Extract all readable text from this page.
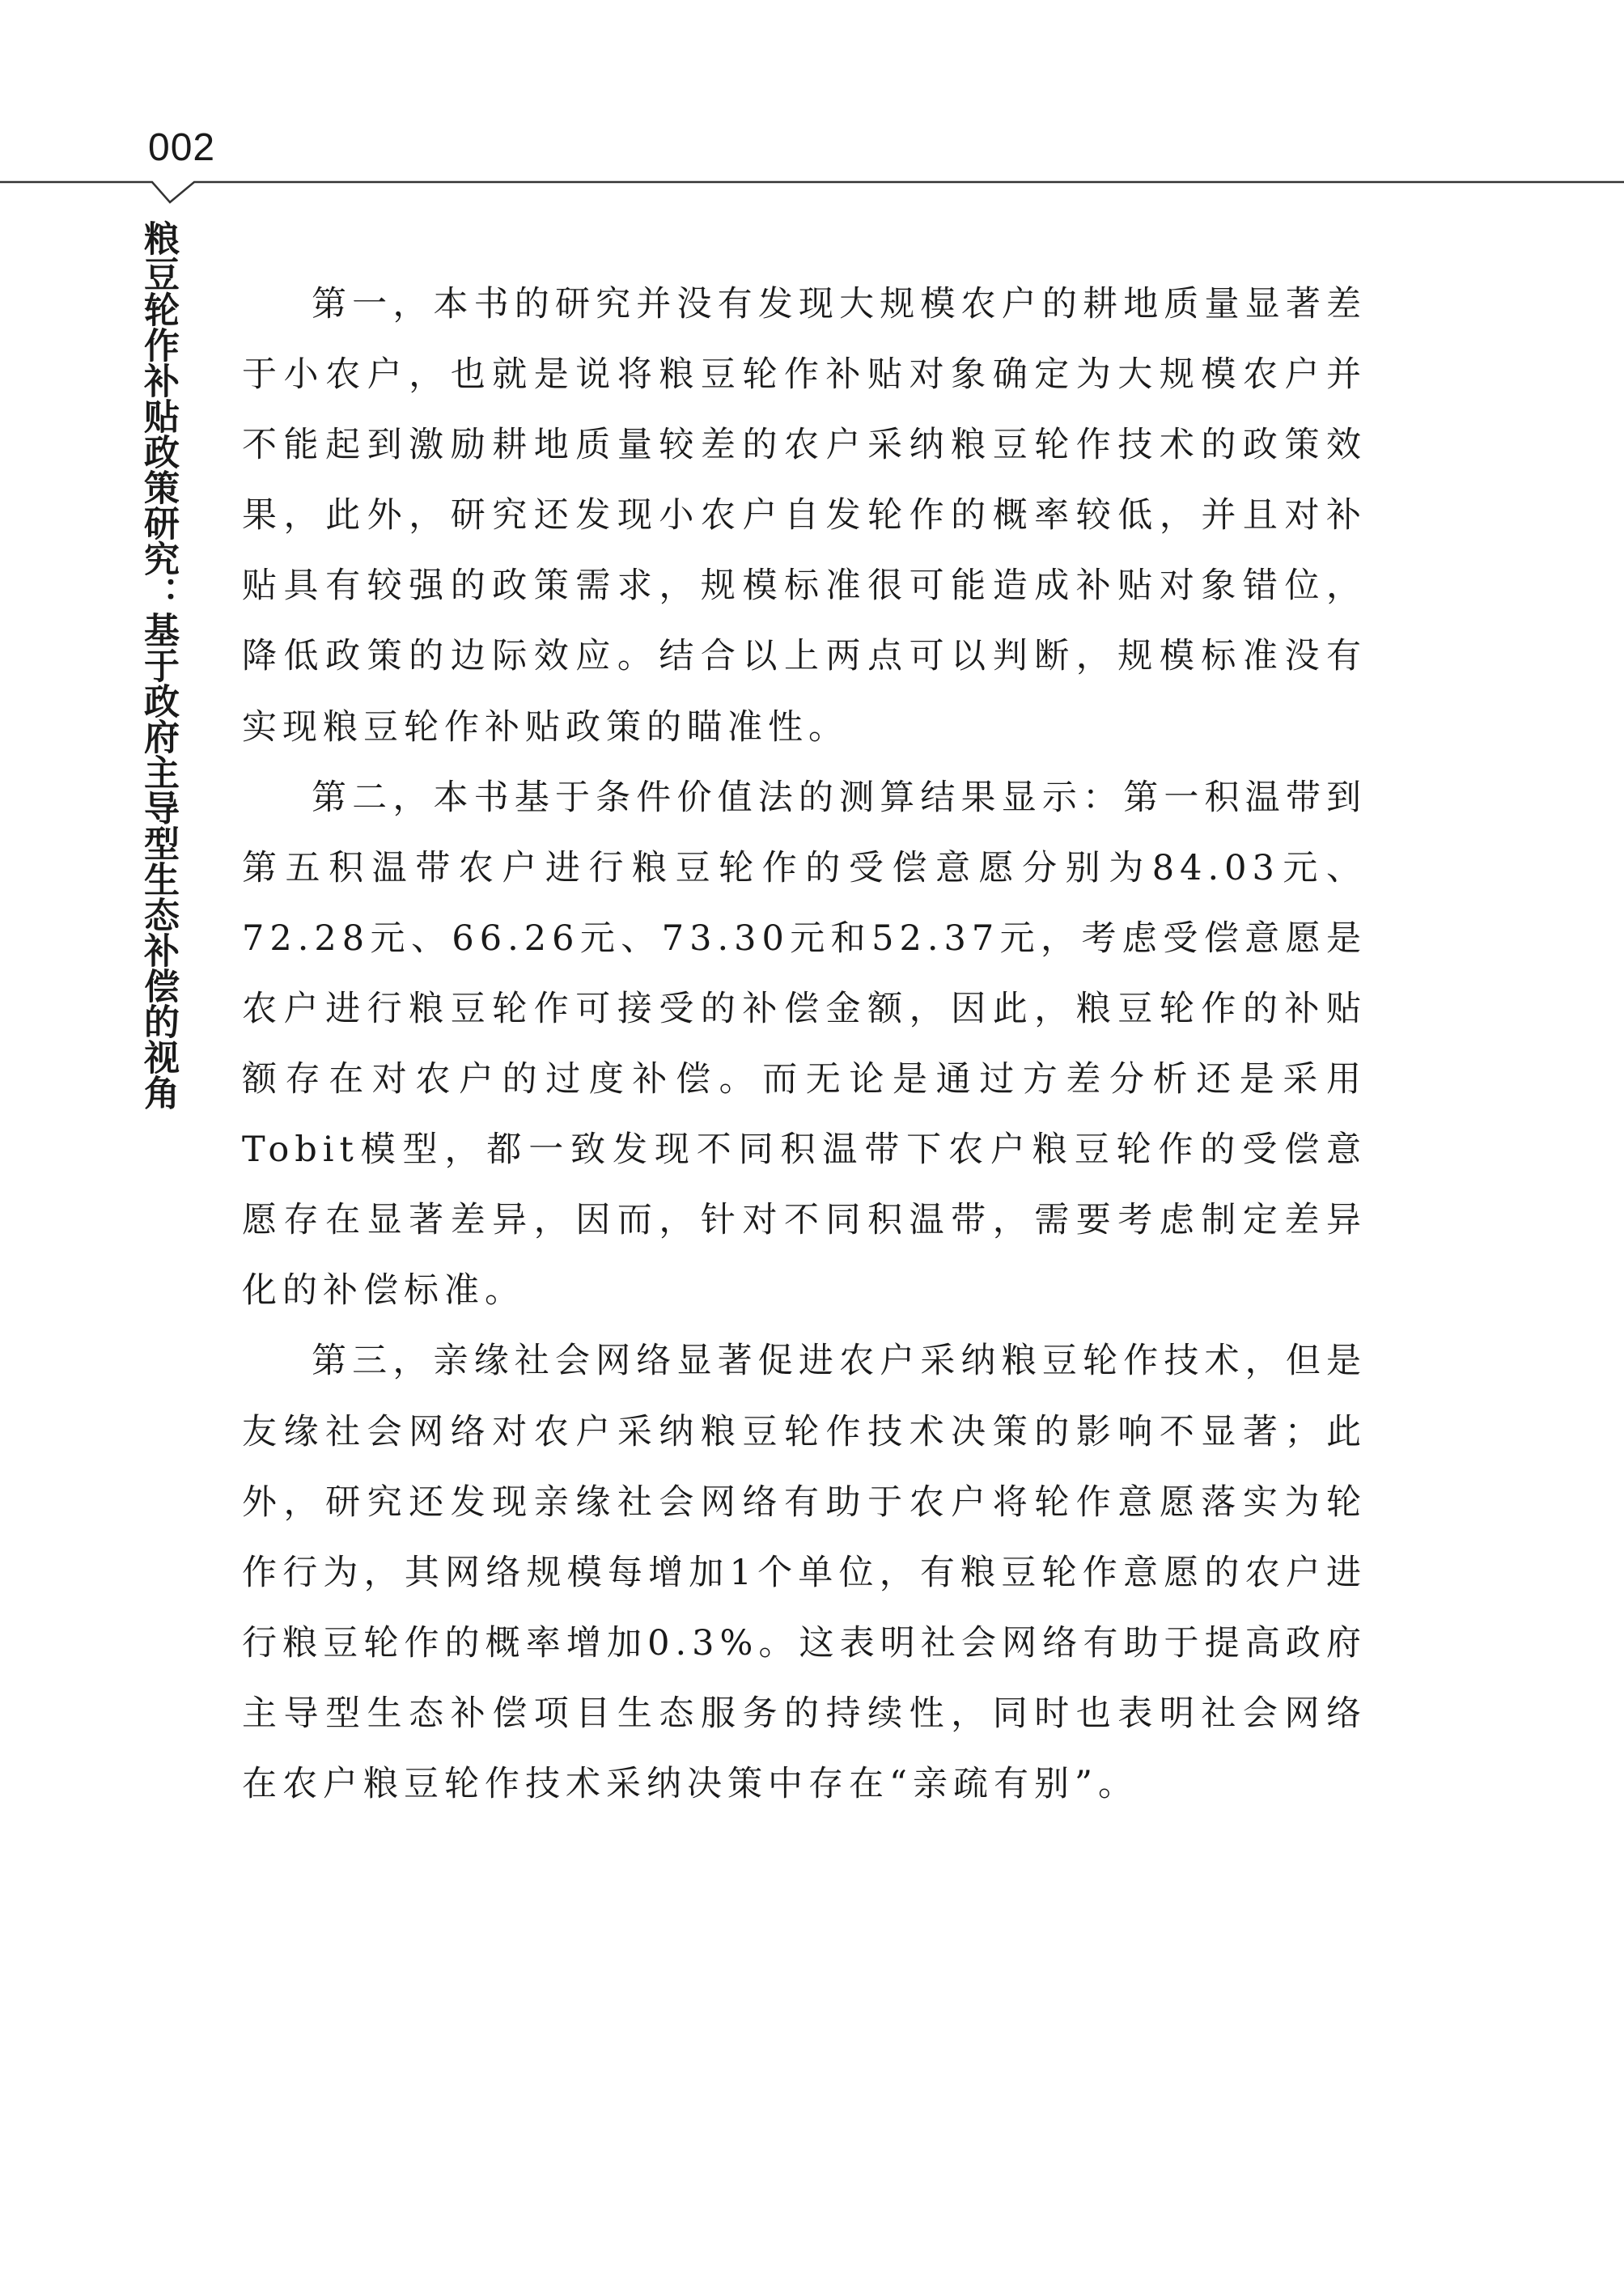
002
粮豆轮作补贴政策研究：基于政府主导型生态补偿的视角	第一，本书的研究并没有发现大规模农户的耕地质量显著差于小农户，也就是说将粮豆轮作补贴对象确定为大规模农户并不能起到激励耕地质量较差的农户采纳粮豆轮作技术的政策效果，此外，研究还发现小农户自发轮作的概率较低，并且对补贴具有较强的政策需求，规模标准很可能造成补贴对象错位，降低政策的边际效应。结合以上两点可以判断，规模标准没有实现粮豆轮作补贴政策的瞄准性。

第二，本书基于条件价值法的测算结果显示：第一积温带到第五积温带农户进行粮豆轮作的受偿意愿分别为84.03元、72.28元、66.26元、73.30元和52.37元，考虑受偿意愿是农户进行粮豆轮作可接受的补偿金额，因此，粮豆轮作的补贴额存在对农户的过度补偿。而无论是通过方差分析还是采用Tobit模型，都一致发现不同积温带下农户粮豆轮作的受偿意愿存在显著差异，因而，针对不同积温带，需要考虑制定差异化的补偿标准。

第三，亲缘社会网络显著促进农户采纳粮豆轮作技术，但是友缘社会网络对农户采纳粮豆轮作技术决策的影响不显著；此外，研究还发现亲缘社会网络有助于农户将轮作意愿落实为轮作行为，其网络规模每增加1个单位，有粮豆轮作意愿的农户进行粮豆轮作的概率增加0.3%。这表明社会网络有助于提高政府主导型生态补偿项目生态服务的持续性，同时也表明社会网络在农户粮豆轮作技术采纳决策中存在“亲疏有别”。
